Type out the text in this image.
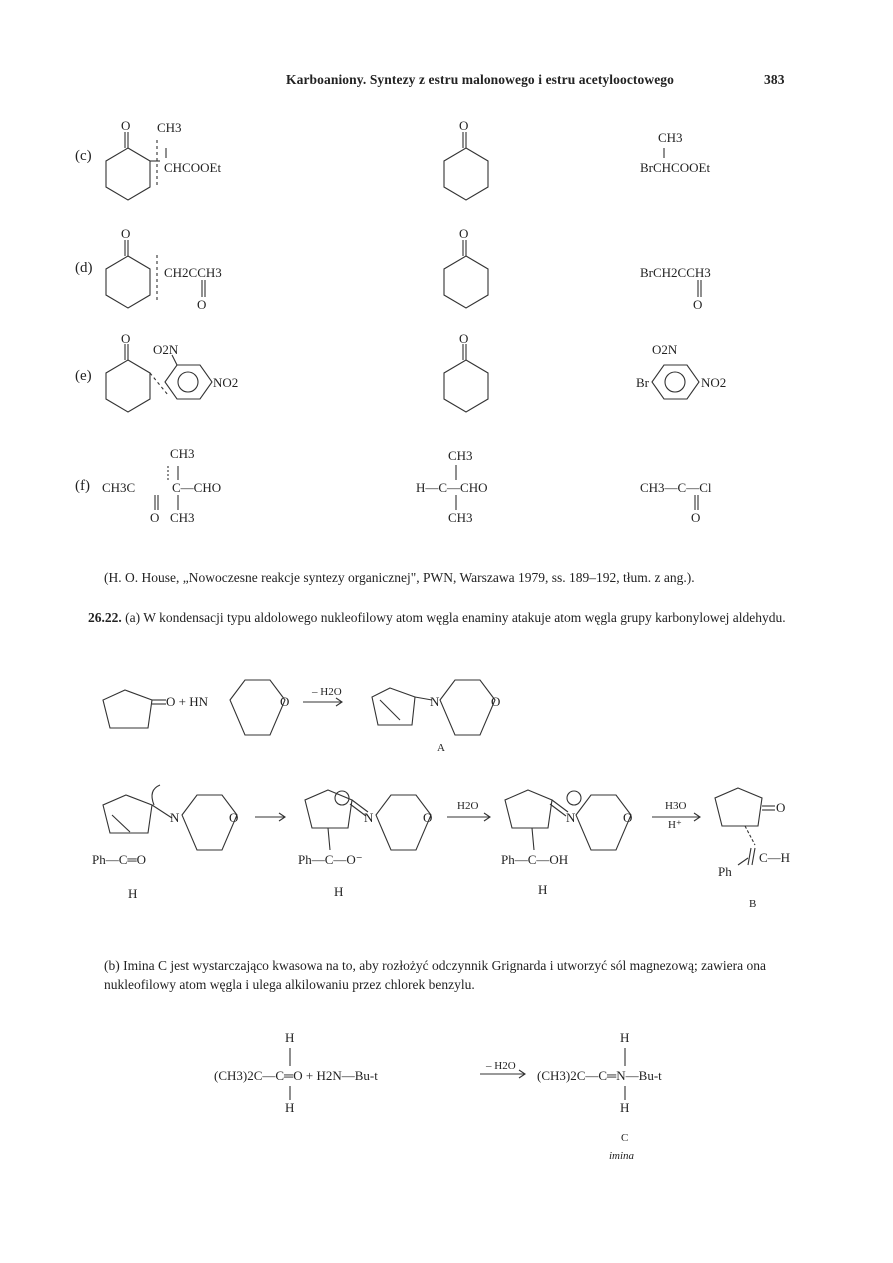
Karboaniony. Syntezy z estru malonowego i estru acetylooctowego	383
(c)
(d)
(e)
(f)
O CH3
CHCOOEt
O
CH3
BrCHCOOEt
O
CH2CCH3
O
O
BrCH2CCH3
O
O
O2N
NO2
O
O2N
Br	NO2
CH3
CH3C	C—CHO
O CH3
CH3
H—C—CHO
CH3
CH3—C—Cl
O
(H. O. House, „Nowoczesne reakcje syntezy organicznej", PWN, Warszawa 1979, ss. 189–192, tłum. z ang.).
26.22. (a) W kondensacji typu aldolowego nukleofilowy atom węgla enaminy atakuje atom węgla grupy karbonylowej aldehydu.
O + HN	O
– H2O
N	O
A
N	O
Ph—C═O
H
N	O
Ph—C—O⁻
H
H2O
N	O
Ph—C—OH
H
H3O
H⁺
O
C—H
Ph
B
(b) Imina C jest wystarczająco kwasowa na to, aby rozłożyć odczynnik Grignarda i utworzyć sól magnezową; zawiera ona nukleofilowy atom węgla i ulega alkilowaniu przez chlorek benzylu.
H
(CH3)2C—C═O + H2N—Bu-t
H
– H2O
H
(CH3)2C—C═N—Bu-t
H
C
imina
